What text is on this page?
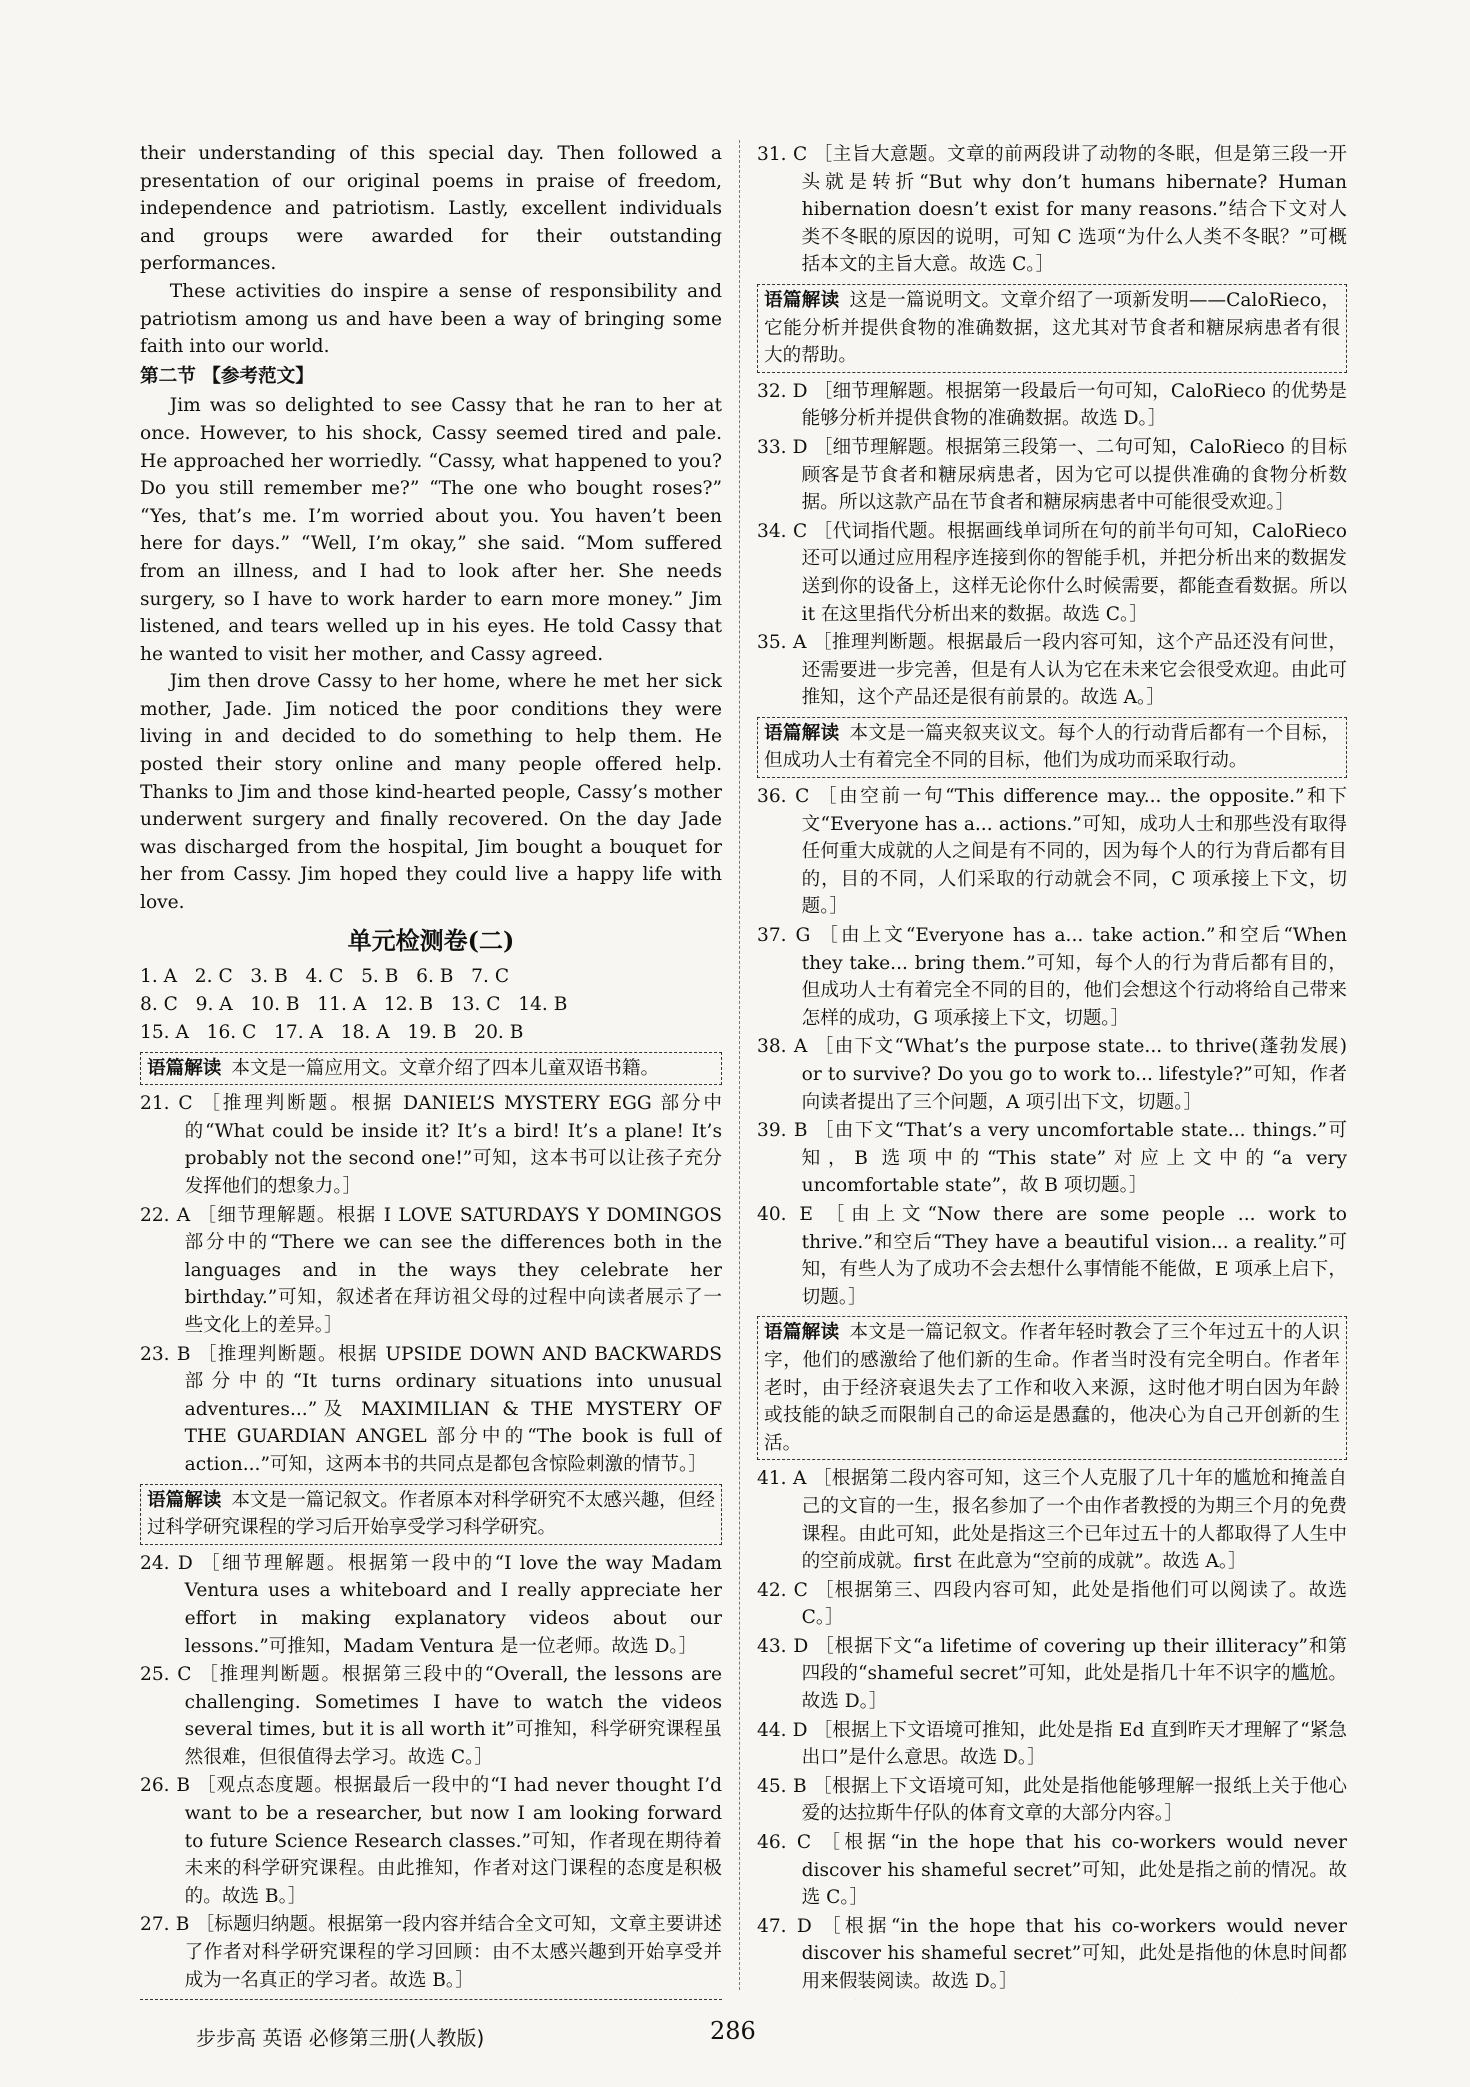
their understanding of this special day. Then followed a presentation of our original poems in praise of freedom, independence and patriotism. Lastly, excellent individuals and groups were awarded for their outstanding performances.

These activities do inspire a sense of responsibility and patriotism among us and have been a way of bringing some faith into our world.

第二节 【参考范文】

Jim was so delighted to see Cassy that he ran to her at once. However, to his shock, Cassy seemed tired and pale. He approached her worriedly. “Cassy, what happened to you? Do you still remember me?” “The one who bought roses?” “Yes, that’s me. I’m worried about you. You haven’t been here for days.” “Well, I’m okay,” she said. “Mom suffered from an illness, and I had to look after her. She needs surgery, so I have to work harder to earn more money.” Jim listened, and tears welled up in his eyes. He told Cassy that he wanted to visit her mother, and Cassy agreed.

Jim then drove Cassy to her home, where he met her sick mother, Jade. Jim noticed the poor conditions they were living in and decided to do something to help them. He posted their story online and many people offered help. Thanks to Jim and those kind-hearted people, Cassy’s mother underwent surgery and finally recovered. On the day Jade was discharged from the hospital, Jim bought a bouquet for her from Cassy. Jim hoped they could live a happy life with love.

单元检测卷(二)
1. A   2. C   3. B   4. C   5. B   6. B   7. C
8. C   9. A   10. B   11. A   12. B   13. C   14. B
15. A   16. C   17. A   18. A   19. B   20. B
语篇解读 本文是一篇应用文。文章介绍了四本儿童双语书籍。

21. C ［推理判断题。根据 DANIEL’S MYSTERY EGG 部分中的“What could be inside it? It’s a bird! It’s a plane! It’s probably not the second one!”可知，这本书可以让孩子充分发挥他们的想象力。］

22. A ［细节理解题。根据 I LOVE SATURDAYS Y DOMINGOS 部分中的“There we can see the differences both in the languages and in the ways they celebrate her birthday.”可知，叙述者在拜访祖父母的过程中向读者展示了一些文化上的差异。］

23. B ［推理判断题。根据 UPSIDE DOWN AND BACKWARDS 部分中的“It turns ordinary situations into unusual adventures...”及 MAXIMILIAN & THE MYSTERY OF THE GUARDIAN ANGEL 部分中的“The book is full of action...”可知，这两本书的共同点是都包含惊险刺激的情节。］

语篇解读 本文是一篇记叙文。作者原本对科学研究不太感兴趣，但经过科学研究课程的学习后开始享受学习科学研究。

24. D ［细节理解题。根据第一段中的“I love the way Madam Ventura uses a whiteboard and I really appreciate her effort in making explanatory videos about our lessons.”可推知，Madam Ventura 是一位老师。故选 D。］

25. C ［推理判断题。根据第三段中的“Overall, the lessons are challenging. Sometimes I have to watch the videos several times, but it is all worth it”可推知，科学研究课程虽然很难，但很值得去学习。故选 C。］

26. B ［观点态度题。根据最后一段中的“I had never thought I’d want to be a researcher, but now I am looking forward to future Science Research classes.”可知，作者现在期待着未来的科学研究课程。由此推知，作者对这门课程的态度是积极的。故选 B。］

27. B ［标题归纳题。根据第一段内容并结合全文可知，文章主要讲述了作者对科学研究课程的学习回顾：由不太感兴趣到开始享受并成为一名真正的学习者。故选 B。］

31. C ［主旨大意题。文章的前两段讲了动物的冬眠，但是第三段一开头就是转折“But why don’t humans hibernate? Human hibernation doesn’t exist for many reasons.”结合下文对人类不冬眠的原因的说明，可知 C 选项“为什么人类不冬眠？”可概括本文的主旨大意。故选 C。］

语篇解读 这是一篇说明文。文章介绍了一项新发明——CaloRieco，它能分析并提供食物的准确数据，这尤其对节食者和糖尿病患者有很大的帮助。

32. D ［细节理解题。根据第一段最后一句可知，CaloRieco 的优势是能够分析并提供食物的准确数据。故选 D。］

33. D ［细节理解题。根据第三段第一、二句可知，CaloRieco 的目标顾客是节食者和糖尿病患者，因为它可以提供准确的食物分析数据。所以这款产品在节食者和糖尿病患者中可能很受欢迎。］

34. C ［代词指代题。根据画线单词所在句的前半句可知，CaloRieco 还可以通过应用程序连接到你的智能手机，并把分析出来的数据发送到你的设备上，这样无论你什么时候需要，都能查看数据。所以 it 在这里指代分析出来的数据。故选 C。］

35. A ［推理判断题。根据最后一段内容可知，这个产品还没有问世，还需要进一步完善，但是有人认为它在未来它会很受欢迎。由此可推知，这个产品还是很有前景的。故选 A。］

语篇解读 本文是一篇夹叙夹议文。每个人的行动背后都有一个目标，但成功人士有着完全不同的目标，他们为成功而采取行动。

36. C ［由空前一句“This difference may... the opposite.”和下文“Everyone has a... actions.”可知，成功人士和那些没有取得任何重大成就的人之间是有不同的，因为每个人的行为背后都有目的，目的不同，人们采取的行动就会不同，C 项承接上下文，切题。］

37. G ［由上文“Everyone has a... take action.”和空后“When they take... bring them.”可知，每个人的行为背后都有目的，但成功人士有着完全不同的目的，他们会想这个行动将给自己带来怎样的成功，G 项承接上下文，切题。］

38. A ［由下文“What’s the purpose state... to thrive(蓬勃发展) or to survive? Do you go to work to... lifestyle?”可知，作者向读者提出了三个问题，A 项引出下文，切题。］

39. B ［由下文“That’s a very uncomfortable state... things.”可知，B 选项中的“This state”对应上文中的“a very uncomfortable state”，故 B 项切题。］

40. E ［由上文“Now there are some people ... work to thrive.”和空后“They have a beautiful vision... a reality.”可知，有些人为了成功不会去想什么事情能不能做，E 项承上启下，切题。］

语篇解读 本文是一篇记叙文。作者年轻时教会了三个年过五十的人识字，他们的感激给了他们新的生命。作者当时没有完全明白。作者年老时，由于经济衰退失去了工作和收入来源，这时他才明白因为年龄或技能的缺乏而限制自己的命运是愚蠢的，他决心为自己开创新的生活。

41. A ［根据第二段内容可知，这三个人克服了几十年的尴尬和掩盖自己的文盲的一生，报名参加了一个由作者教授的为期三个月的免费课程。由此可知，此处是指这三个已年过五十的人都取得了人生中的空前成就。first 在此意为“空前的成就”。故选 A。］

42. C ［根据第三、四段内容可知，此处是指他们可以阅读了。故选 C。］

43. D ［根据下文“a lifetime of covering up their illiteracy”和第四段的“shameful secret”可知，此处是指几十年不识字的尴尬。故选 D。］

44. D ［根据上下文语境可推知，此处是指 Ed 直到昨天才理解了“紧急出口”是什么意思。故选 D。］

45. B ［根据上下文语境可知，此处是指他能够理解一报纸上关于他心爱的达拉斯牛仔队的体育文章的大部分内容。］

46. C ［根据“in the hope that his co-workers would never discover his shameful secret”可知，此处是指之前的情况。故选 C。］

47. D ［根据“in the hope that his co-workers would never discover his shameful secret”可知，此处是指他的休息时间都用来假装阅读。故选 D。］

步步高 英语 必修第三册(人教版)	286
